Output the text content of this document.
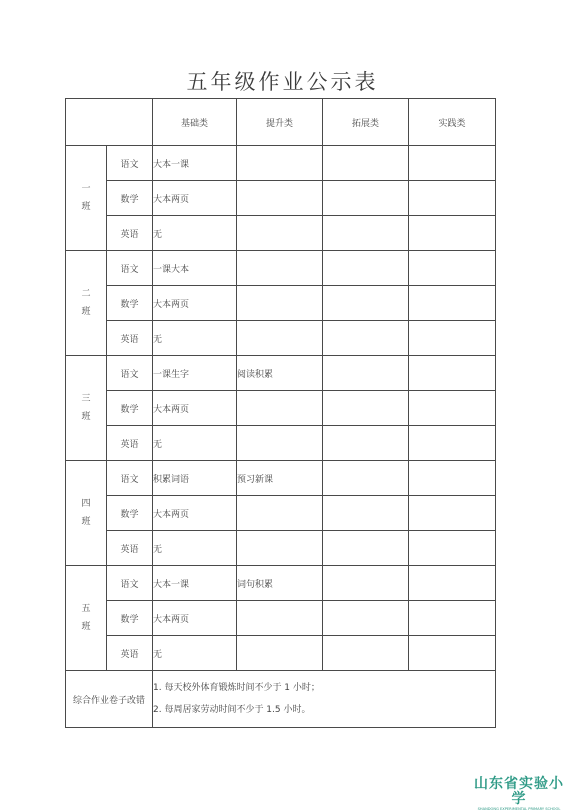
五年级作业公示表
		基础类	提升类	拓展类	实践类
一班	语文	大本一课			
	数学	大本两页			
	英语	无			
二班	语文	一课大本			
	数学	大本两页			
	英语	无			
三班	语文	一课生字	阅读积累		
	数学	大本两页			
	英语	无			
四班	语文	积累词语	预习新课		
	数学	大本两页			
	英语	无			
五班	语文	大本一课	词句积累		
	数学	大本两页			
	英语	无			
综合作业卷子改错		1. 每天校外体育锻炼时间不少于 1 小时；
2. 每周居家劳动时间不少于 1.5 小时。			
山东省实验小学
SHANDONG EXPERIMENTAL PRIMARY SCHOOL
